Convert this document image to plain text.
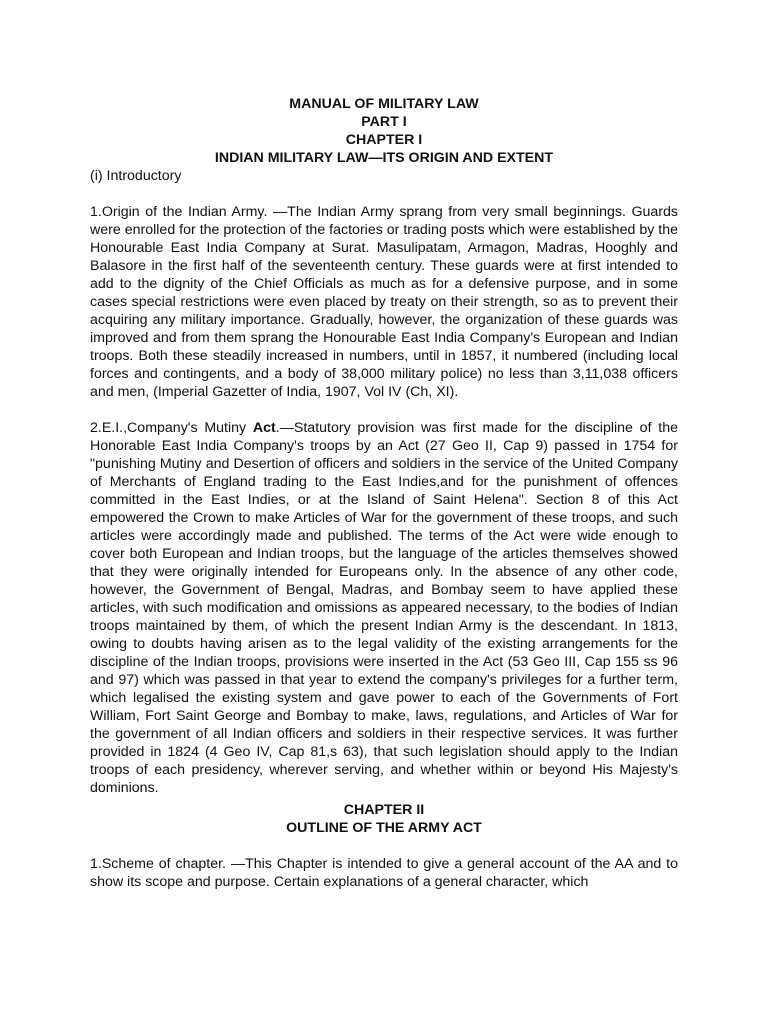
MANUAL OF MILITARY LAW

PART I

CHAPTER I

INDIAN MILITARY LAW—ITS ORIGIN AND EXTENT

(i) Introductory

1.Origin of the Indian Army. —The Indian Army sprang from very small beginnings. Guards were enrolled for the protection of the factories or trading posts which were established by the Honourable East India Company at Surat. Masulipatam, Armagon, Madras, Hooghly and Balasore in the first half of the seventeenth century. These guards were at first intended to add to the dignity of the Chief Officials as much as for a defensive purpose, and in some cases special restrictions were even placed by treaty on their strength, so as to prevent their acquiring any military importance. Gradually, however, the organization of these guards was improved and from them sprang the Honourable East India Company's European and Indian troops. Both these steadily increased in numbers, until in 1857, it numbered (including local forces and contingents, and a body of 38,000 military police) no less than 3,11,038 officers and men, (Imperial Gazetter of India, 1907, Vol IV (Ch, XI).

2.E.I.,Company's Mutiny Act.—Statutory provision was first made for the discipline of the Honorable East India Company's troops by an Act (27 Geo II, Cap 9) passed in 1754 for "punishing Mutiny and Desertion of officers and soldiers in the service of the United Company of Merchants of England trading to the East Indies,and for the punishment of offences committed in the East Indies, or at the Island of Saint Helena". Section 8 of this Act empowered the Crown to make Articles of War for the government of these troops, and such articles were accordingly made and published. The terms of the Act were wide enough to cover both European and Indian troops, but the language of the articles themselves showed that they were originally intended for Europeans only. In the absence of any other code, however, the Government of Bengal, Madras, and Bombay seem to have applied these articles, with such modification and omissions as appeared necessary, to the bodies of Indian troops maintained by them, of which the present Indian Army is the descendant. In 1813, owing to doubts having arisen as to the legal validity of the existing arrangements for the discipline of the Indian troops, provisions were inserted in the Act (53 Geo III, Cap 155 ss 96 and 97) which was passed in that year to extend the company's privileges for a further term, which legalised the existing system and gave power to each of the Governments of Fort William, Fort Saint George and Bombay to make, laws, regulations, and Articles of War for the government of all Indian officers and soldiers in their respective services. It was further provided in 1824 (4 Geo IV, Cap 81,s 63), that such legislation should apply to the Indian troops of each presidency, wherever serving, and whether within or beyond His Majesty's dominions.

CHAPTER II

OUTLINE OF THE ARMY ACT

1.Scheme of chapter. —This Chapter is intended to give a general account of the AA and to show its scope and purpose. Certain explanations of a general character, which
